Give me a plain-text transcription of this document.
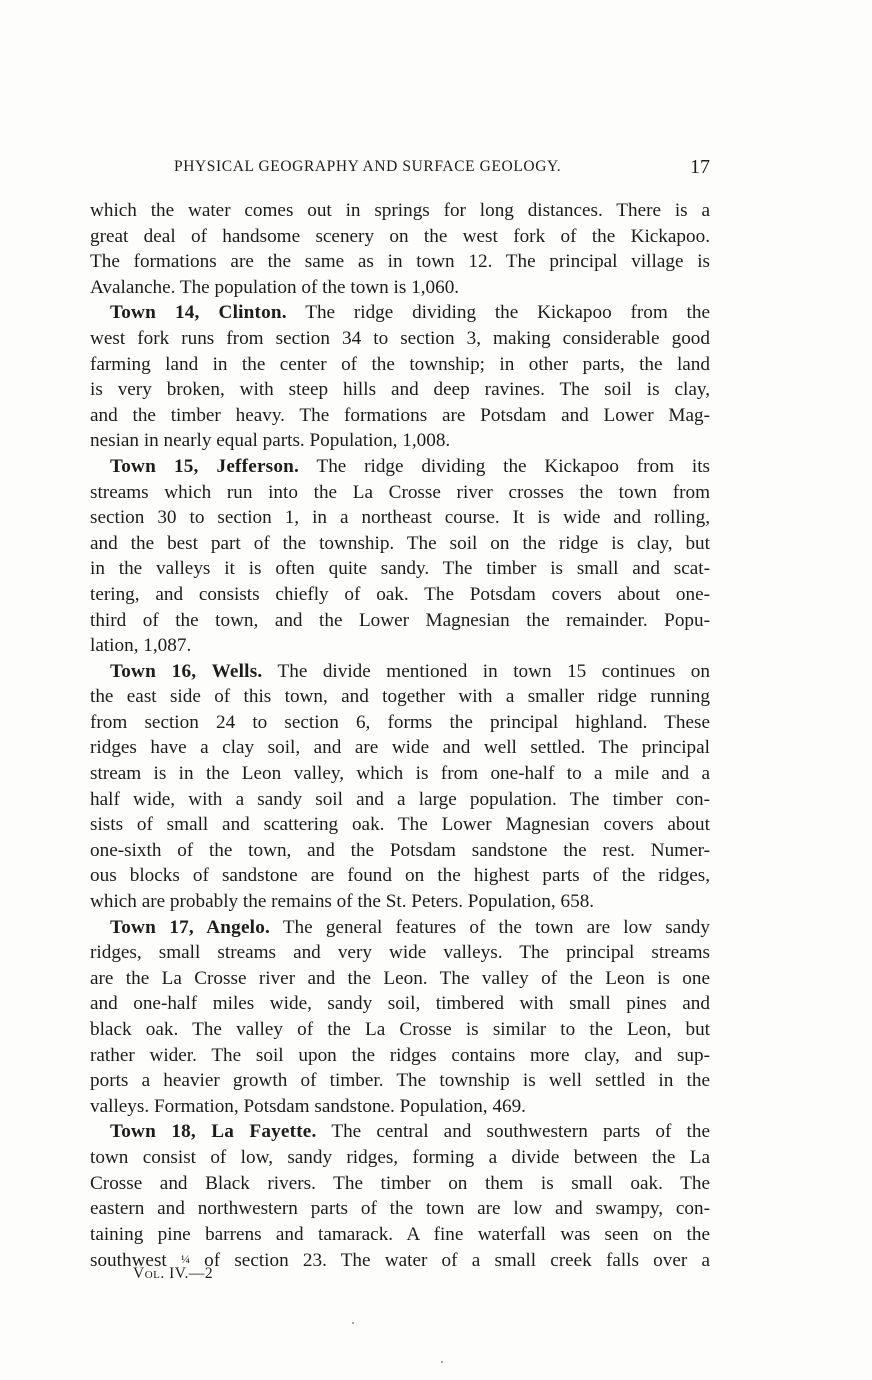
PHYSICAL GEOGRAPHY AND SURFACE GEOLOGY.	17
which the water comes out in springs for long distances. There is a
great deal of handsome scenery on the west fork of the Kickapoo.
The formations are the same as in town 12. The principal village is
Avalanche. The population of the town is 1,060.
Town 14, Clinton. The ridge dividing the Kickapoo from the
west fork runs from section 34 to section 3, making considerable good
farming land in the center of the township; in other parts, the land
is very broken, with steep hills and deep ravines. The soil is clay,
and the timber heavy. The formations are Potsdam and Lower Mag-
nesian in nearly equal parts. Population, 1,008.
Town 15, Jefferson. The ridge dividing the Kickapoo from its
streams which run into the La Crosse river crosses the town from
section 30 to section 1, in a northeast course. It is wide and rolling,
and the best part of the township. The soil on the ridge is clay, but
in the valleys it is often quite sandy. The timber is small and scat-
tering, and consists chiefly of oak. The Potsdam covers about one-
third of the town, and the Lower Magnesian the remainder. Popu-
lation, 1,087.
Town 16, Wells. The divide mentioned in town 15 continues on
the east side of this town, and together with a smaller ridge running
from section 24 to section 6, forms the principal highland. These
ridges have a clay soil, and are wide and well settled. The principal
stream is in the Leon valley, which is from one-half to a mile and a
half wide, with a sandy soil and a large population. The timber con-
sists of small and scattering oak. The Lower Magnesian covers about
one-sixth of the town, and the Potsdam sandstone the rest. Numer-
ous blocks of sandstone are found on the highest parts of the ridges,
which are probably the remains of the St. Peters. Population, 658.
Town 17, Angelo. The general features of the town are low sandy
ridges, small streams and very wide valleys. The principal streams
are the La Crosse river and the Leon. The valley of the Leon is one
and one-half miles wide, sandy soil, timbered with small pines and
black oak. The valley of the La Crosse is similar to the Leon, but
rather wider. The soil upon the ridges contains more clay, and sup-
ports a heavier growth of timber. The township is well settled in the
valleys. Formation, Potsdam sandstone. Population, 469.
Town 18, La Fayette. The central and southwestern parts of the
town consist of low, sandy ridges, forming a divide between the La
Crosse and Black rivers. The timber on them is small oak. The
eastern and northwestern parts of the town are low and swampy, con-
taining pine barrens and tamarack. A fine waterfall was seen on the
southwest ¼ of section 23. The water of a small creek falls over a
Vol. IV.—2
